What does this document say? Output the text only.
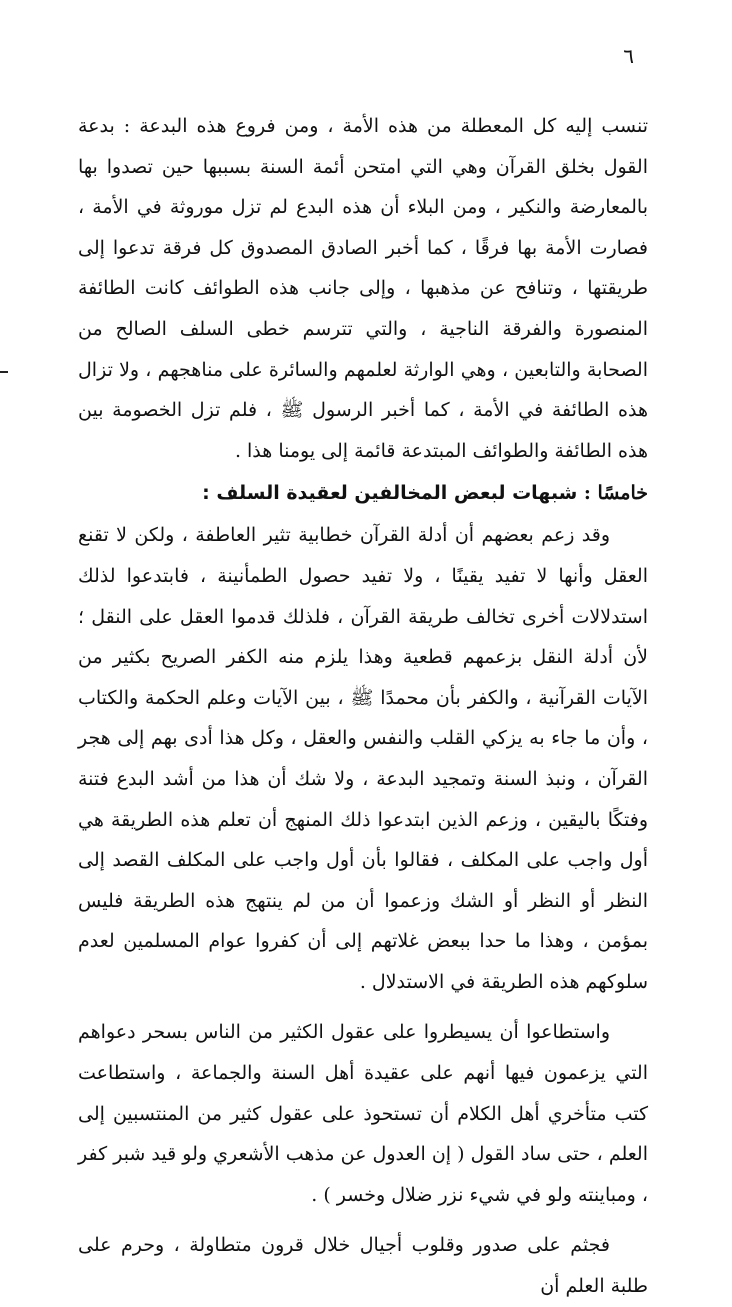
٦

تنسب إليه كل المعطلة من هذه الأمة ، ومن فروع هذه البدعة : بدعة القول بخلق القرآن وهي التي امتحن أئمة السنة بسببها حين تصدوا بها بالمعارضة والنكير ، ومن البلاء أن هذه البدع لم تزل موروثة في الأمة ، فصارت الأمة بها فرقًا ، كما أخبر الصادق المصدوق كل فرقة تدعوا إلى طريقتها ، وتنافح عن مذهبها ، وإلى جانب هذه الطوائف كانت الطائفة المنصورة والفرقة الناجية ، والتي تترسم خطى السلف الصالح من الصحابة والتابعين ، وهي الوارثة لعلمهم والسائرة على مناهجهم ، ولا تزال هذه الطائفة في الأمة ، كما أخبر الرسول ﷺ ، فلم تزل الخصومة بين هذه الطائفة والطوائف المبتدعة قائمة إلى يومنا هذا .

خامسًا : شبهات لبعض المخالفين لعقيدة السلف :

وقد زعم بعضهم أن أدلة القرآن خطابية تثير العاطفة ، ولكن لا تقنع العقل وأنها لا تفيد يقينًا ، ولا تفيد حصول الطمأنينة ، فابتدعوا لذلك استدلالات أخرى تخالف طريقة القرآن ، فلذلك قدموا العقل على النقل ؛ لأن أدلة النقل بزعمهم قطعية وهذا يلزم منه الكفر الصريح بكثير من الآيات القرآنية ، والكفر بأن محمدًا ﷺ ، بين الآيات وعلم الحكمة والكتاب ، وأن ما جاء به يزكي القلب والنفس والعقل ، وكل هذا أدى بهم إلى هجر القرآن ، ونبذ السنة وتمجيد البدعة ، ولا شك أن هذا من أشد البدع فتنة وفتكًا باليقين ، وزعم الذين ابتدعوا ذلك المنهج أن تعلم هذه الطريقة هي أول واجب على المكلف ، فقالوا بأن أول واجب على المكلف القصد إلى النظر أو النظر أو الشك وزعموا أن من لم ينتهج هذه الطريقة فليس بمؤمن ، وهذا ما حدا ببعض غلاتهم إلى أن كفروا عوام المسلمين لعدم سلوكهم هذه الطريقة في الاستدلال .

واستطاعوا أن يسيطروا على عقول الكثير من الناس بسحر دعواهم التي يزعمون فيها أنهم على عقيدة أهل السنة والجماعة ، واستطاعت كتب متأخري أهل الكلام أن تستحوذ على عقول كثير من المنتسبين إلى العلم ، حتى ساد القول ( إن العدول عن مذهب الأشعري ولو قيد شبر كفر ، ومباينته ولو في شيء نزر ضلال وخسر ) .

فجثم على صدور وقلوب أجيال خلال قرون متطاولة ، وحرم على طلبة العلم أن
